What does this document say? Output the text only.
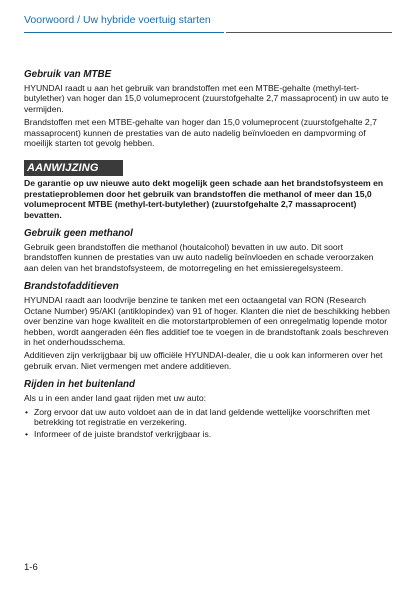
Voorwoord / Uw hybride voertuig starten
Gebruik van MTBE

HYUNDAI raadt u aan het gebruik van brandstoffen met een MTBE-gehalte (methyl-tert-butylether) van hoger dan 15,0 volumeprocent (zuurstofgehalte 2,7 massaprocent) in uw auto te vermijden.

Brandstoffen met een MTBE-gehalte van hoger dan 15,0 volumeprocent (zuurstofgehalte 2,7 massaprocent) kunnen de prestaties van de auto nadelig beïnvloeden en dampvorming of moeilijk starten tot gevolg hebben.

AANWIJZING

De garantie op uw nieuwe auto dekt mogelijk geen schade aan het brandstofsysteem en prestatieproblemen door het gebruik van brandstoffen die methanol of meer dan 15,0 volumeprocent MTBE (methyl-tert-butylether) (zuurstofgehalte 2,7 massaprocent) bevatten.

Gebruik geen methanol

Gebruik geen brandstoffen die methanol (houtalcohol) bevatten in uw auto. Dit soort brandstoffen kunnen de prestaties van uw auto nadelig beïnvloeden en schade veroorzaken aan delen van het brandstofsysteem, de motorregeling en het emissieregelsysteem.

Brandstofadditieven

HYUNDAI raadt aan loodvrije benzine te tanken met een octaangetal van RON (Research Octane Number) 95/AKI (antiklopindex) van 91 of hoger. Klanten die niet de beschikking hebben over benzine van hoge kwaliteit en die motorstartproblemen of een onregelmatig lopende motor hebben, wordt aangeraden één fles additief toe te voegen in de brandstoftank zoals beschreven in het onderhoudsschema.

Additieven zijn verkrijgbaar bij uw officiële HYUNDAI-dealer, die u ook kan informeren over het gebruik ervan. Niet vermengen met andere additieven.

Rijden in het buitenland

Als u in een ander land gaat rijden met uw auto:

• Zorg ervoor dat uw auto voldoet aan de in dat land geldende wettelijke voorschriften met betrekking tot registratie en verzekering.
• Informeer of de juiste brandstof verkrijgbaar is.
1-6
